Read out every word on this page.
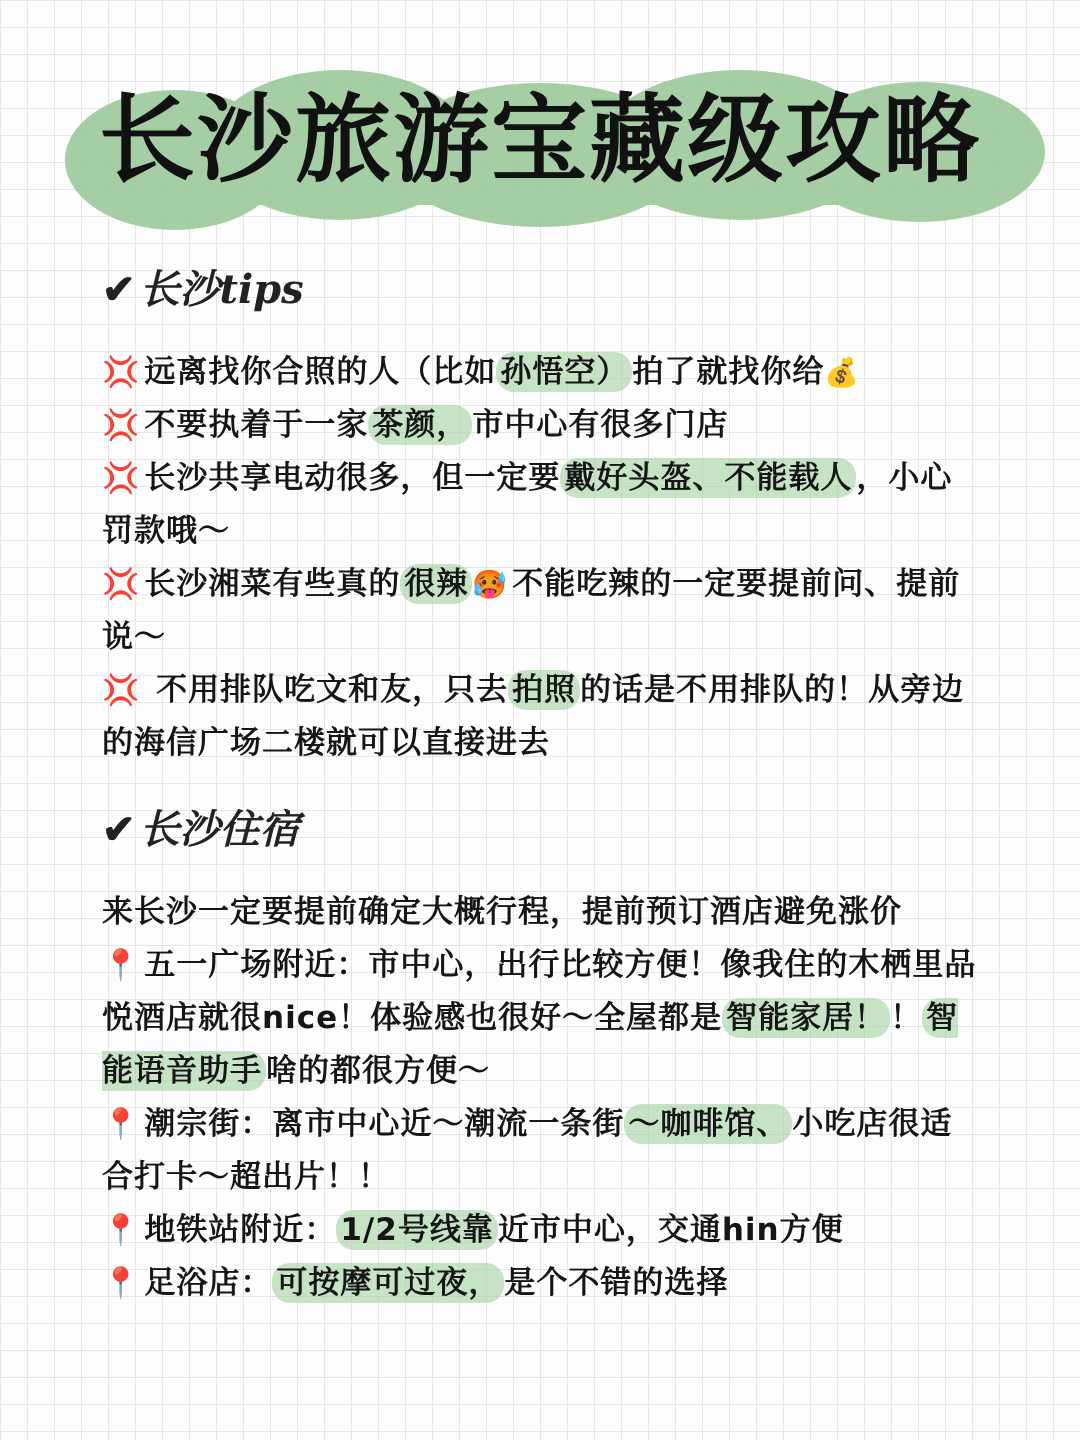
长沙旅游宝藏级攻略
✔ 长沙tips
💢 远离找你合照的人（比如 孙悟空） 拍了就找你给💰
💢 不要执着于一家 茶颜， 市中心有很多门店
💢 长沙共享电动很多，但一定要 戴好头盔、不能载人 ，小心罚款哦～
💢 长沙湘菜有些真的 很辣 🥵 不能吃辣的一定要提前问、提前说～
💢 不用排队吃文和友，只去 拍照 的话是不用排队的！从旁边的海信广场二楼就可以直接进去
✔ 长沙住宿
来长沙一定要提前确定大概行程，提前预订酒店避免涨价
📍 五一广场附近：市中心，出行比较方便！像我住的木栖里品悦酒店就很nice！体验感也很好～全屋都是 智能家居！ ！ 智能语音助手 啥的都很方便～
📍 潮宗街：离市中心近～潮流一条街 ～咖啡馆、 小吃店很适合打卡～超出片！！
📍 地铁站附近： 1/2号线靠 近市中心，交通hin方便
📍 足浴店： 可按摩可过夜， 是个不错的选择
